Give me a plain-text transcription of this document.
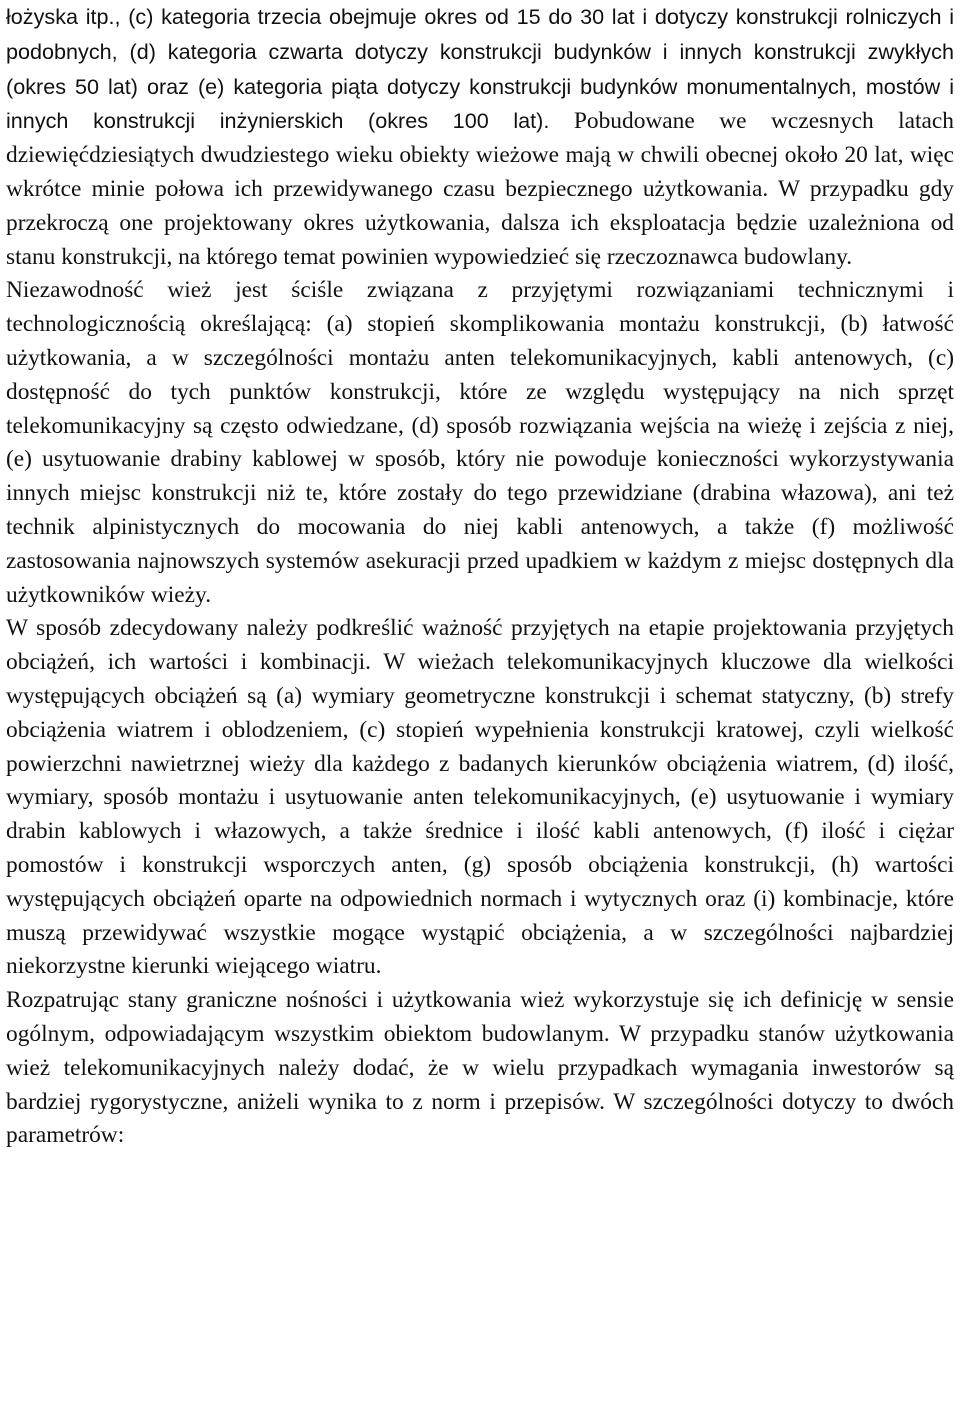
łożyska itp., (c) kategoria trzecia obejmuje okres od 15 do 30 lat i dotyczy konstrukcji rolniczych i podobnych, (d) kategoria czwarta dotyczy konstrukcji budynków i innych konstrukcji zwykłych (okres 50 lat) oraz (e) kategoria piąta dotyczy konstrukcji budynków monumentalnych, mostów i innych konstrukcji inżynierskich (okres 100 lat). Pobudowane we wczesnych latach dziewięćdziesiątych dwudziestego wieku obiekty wieżowe mają w chwili obecnej około 20 lat, więc wkrótce minie połowa ich przewidywanego czasu bezpiecznego użytkowania. W przypadku gdy przekroczą one projektowany okres użytkowania, dalsza ich eksploatacja będzie uzależniona od stanu konstrukcji, na którego temat powinien wypowiedzieć się rzeczoznawca budowlany.

Niezawodność wież jest ściśle związana z przyjętymi rozwiązaniami technicznymi i technologicznością określającą: (a) stopień skomplikowania montażu konstrukcji, (b) łatwość użytkowania, a w szczególności montażu anten telekomunikacyjnych, kabli antenowych, (c) dostępność do tych punktów konstrukcji, które ze względu występujący na nich sprzęt telekomunikacyjny są często odwiedzane, (d) sposób rozwiązania wejścia na wieżę i zejścia z niej, (e) usytuowanie drabiny kablowej w sposób, który nie powoduje konieczności wykorzystywania innych miejsc konstrukcji niż te, które zostały do tego przewidziane (drabina włazowa), ani też technik alpinistycznych do mocowania do niej kabli antenowych, a także (f) możliwość zastosowania najnowszych systemów asekuracji przed upadkiem w każdym z miejsc dostępnych dla użytkowników wieży.

W sposób zdecydowany należy podkreślić ważność przyjętych na etapie projektowania przyjętych obciążeń, ich wartości i kombinacji. W wieżach telekomunikacyjnych kluczowe dla wielkości występujących obciążeń są (a) wymiary geometryczne konstrukcji i schemat statyczny, (b) strefy obciążenia wiatrem i oblodzeniem, (c) stopień wypełnienia konstrukcji kratowej, czyli wielkość powierzchni nawietrznej wieży dla każdego z badanych kierunków obciążenia wiatrem, (d) ilość, wymiary, sposób montażu i usytuowanie anten telekomunikacyjnych, (e) usytuowanie i wymiary drabin kablowych i włazowych, a także średnice i ilość kabli antenowych, (f) ilość i ciężar pomostów i konstrukcji wsporczych anten, (g) sposób obciążenia konstrukcji, (h) wartości występujących obciążeń oparte na odpowiednich normach i wytycznych oraz (i) kombinacje, które muszą przewidywać wszystkie mogące wystąpić obciążenia, a w szczególności najbardziej niekorzystne kierunki wiejącego wiatru.

Rozpatrując stany graniczne nośności i użytkowania wież wykorzystuje się ich definicję w sensie ogólnym, odpowiadającym wszystkim obiektom budowlanym. W przypadku stanów użytkowania wież telekomunikacyjnych należy dodać, że w wielu przypadkach wymagania inwestorów są bardziej rygorystyczne, aniżeli wynika to z norm i przepisów. W szczególności dotyczy to dwóch parametrów:
